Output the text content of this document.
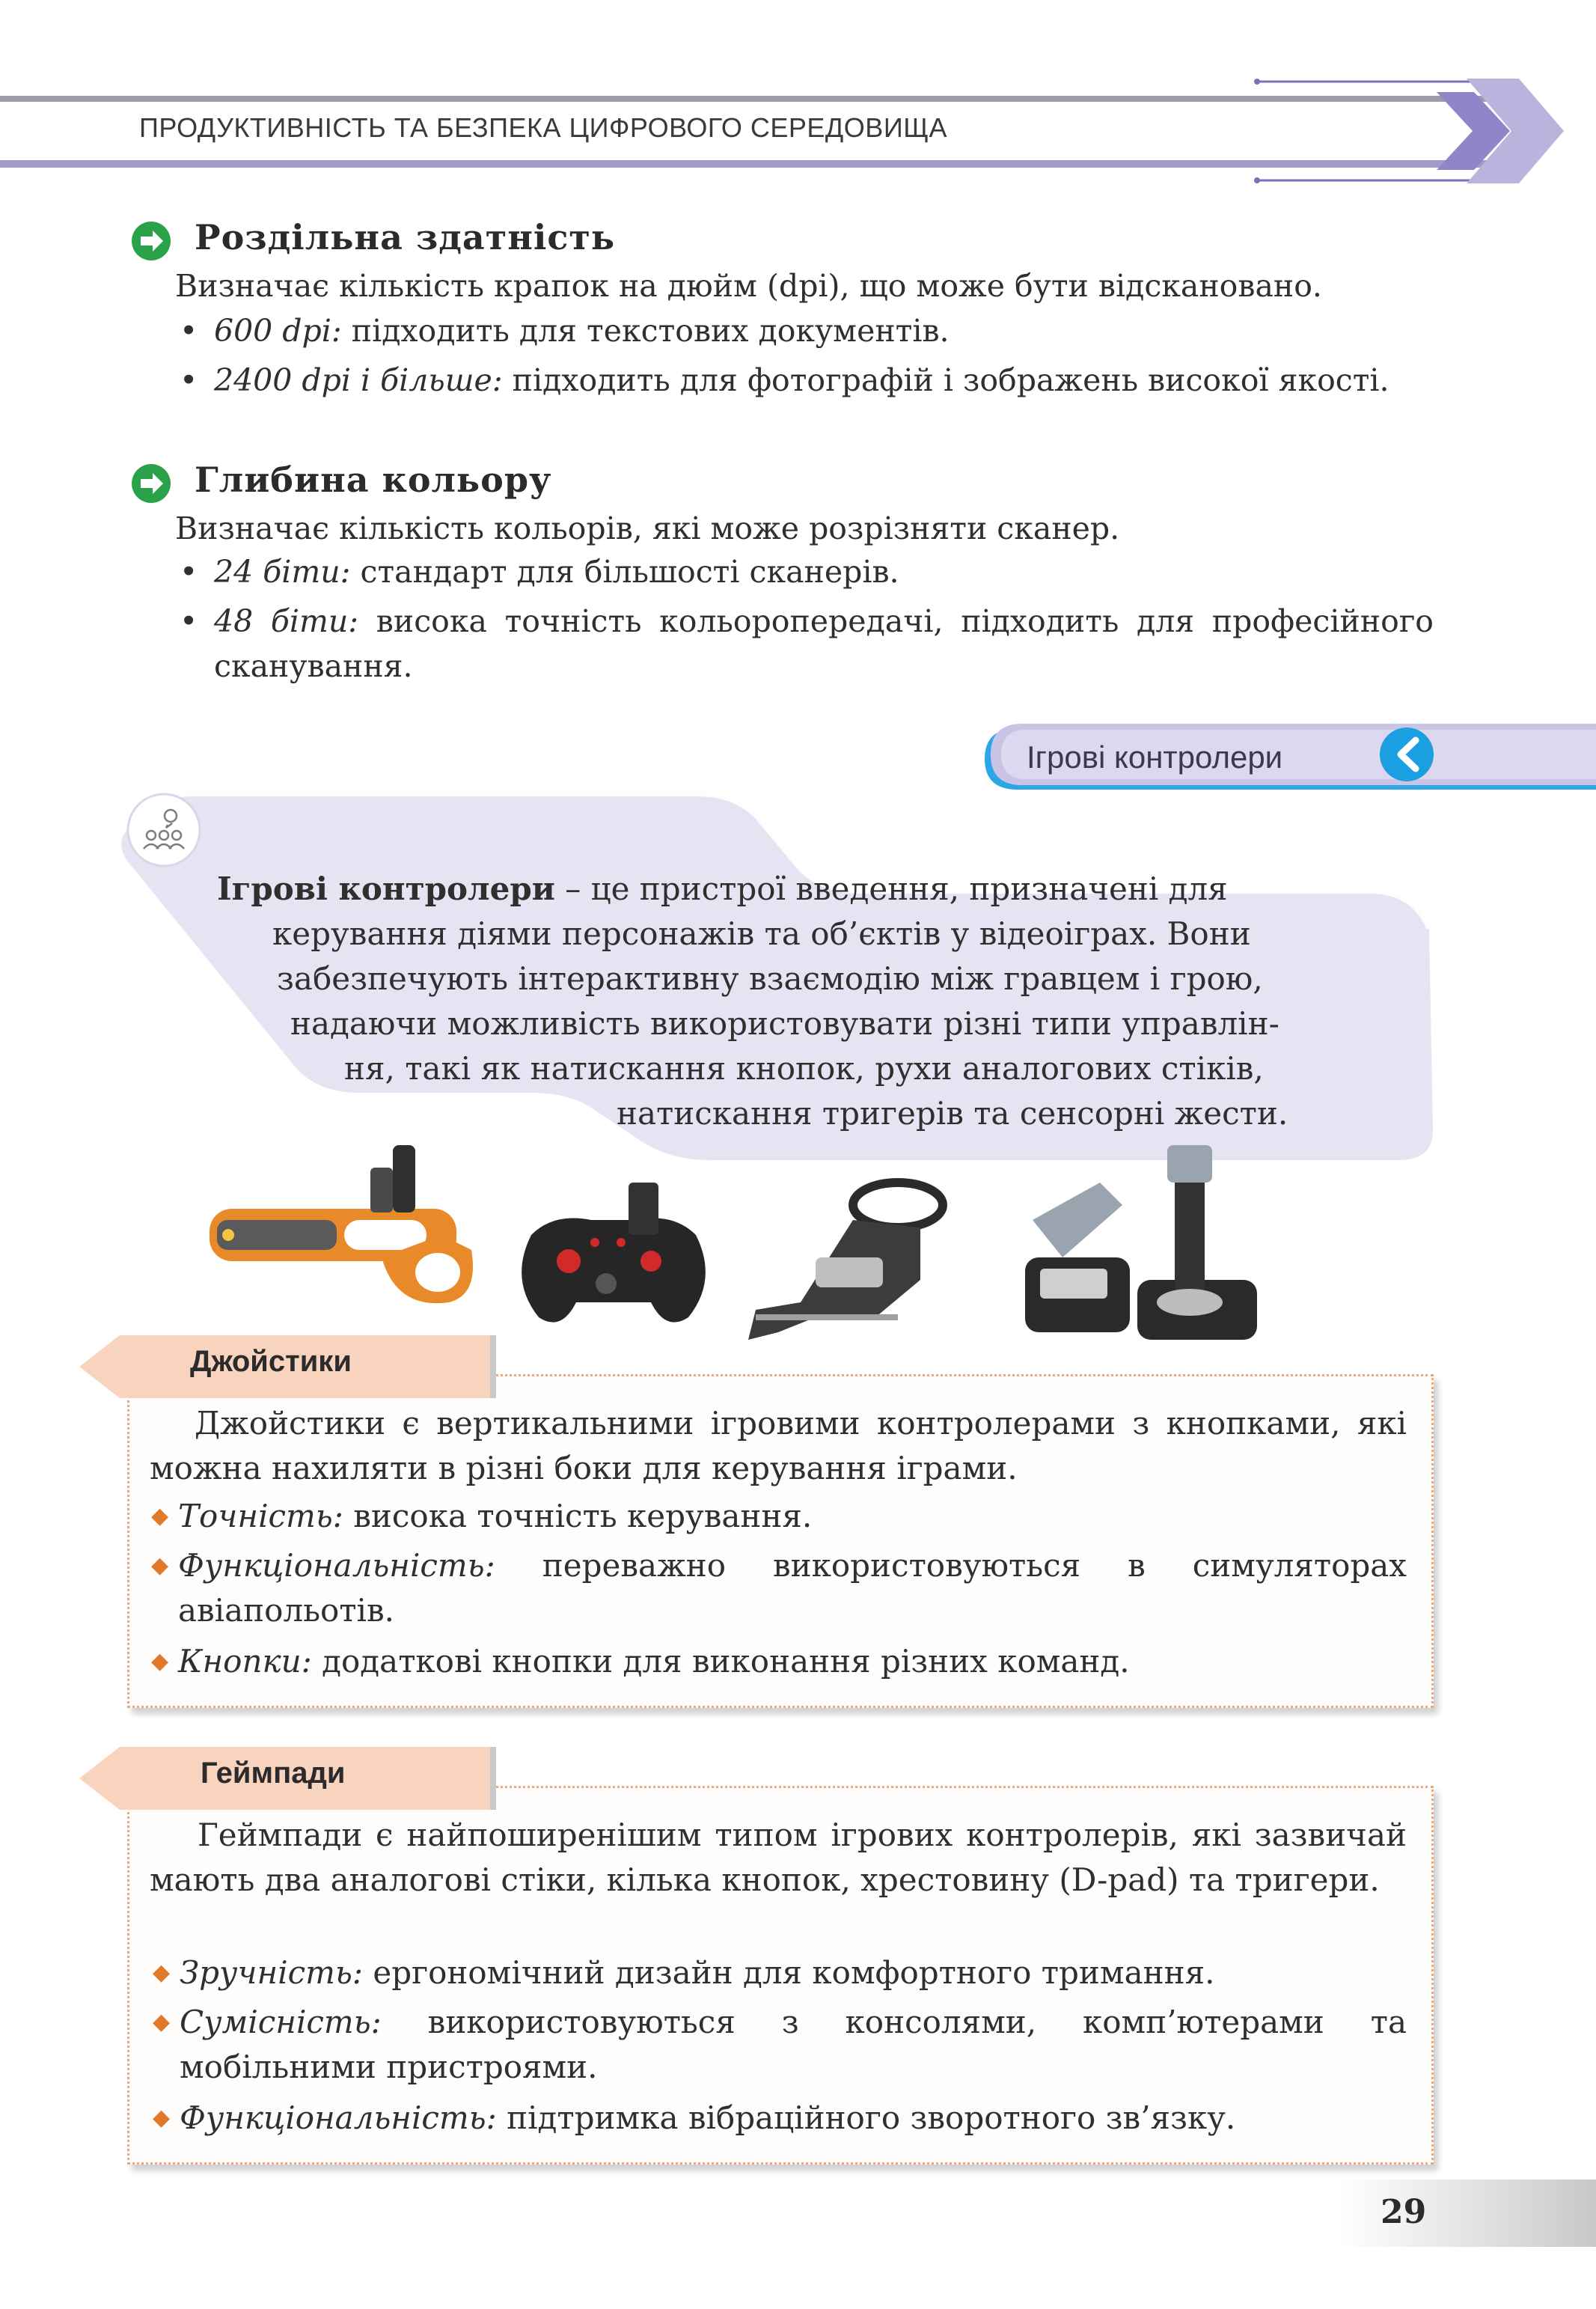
ПРОДУКТИВНІСТЬ ТА БЕЗПЕКА ЦИФРОВОГО СЕРЕДОВИЩА
Роздільна здатність
Визначає кількість крапок на дюйм (dpi), що може бути відскановано.
• 600 dpi: підходить для текстових документів.
• 2400 dpi і більше: підходить для фотографій і зображень високої якості.
Глибина кольору
Визначає кількість кольорів, які може розрізняти сканер.
• 24 біти: стандарт для більшості сканерів.
• 48 біти: висока точність кольоропередачі, підходить для професійного сканування.
Ігрові контролери
Ігрові контролери – це пристрої введення, призначені для
керування діями персонажів та об’єктів у відеоіграх. Вони
забезпечують інтерактивну взаємодію між гравцем і грою,
надаючи можливість використовувати різні типи управлін-
ня, такі як натискання кнопок, рухи аналогових стіків,
натискання тригерів та сенсорні жести.
Джойстики
Джойстики є вертикальними ігровими контролерами з кнопками, які можна нахиляти в різні боки для керування іграми.
◆ Точність: висока точність керування.
◆ Функціональність: переважно використовуються в симуляторах авіапольотів.
◆ Кнопки: додаткові кнопки для виконання різних команд.
Геймпади
Геймпади є найпоширенішим типом ігрових контролерів, які зазвичай мають два аналогові стіки, кілька кнопок, хрестовину (D-pad) та тригери.
◆ Зручність: ергономічний дизайн для комфортного тримання.
◆ Сумісність: використовуються з консолями, комп’ютерами та мобільними пристроями.
◆ Функціональність: підтримка вібраційного зворотного зв’язку.
29
